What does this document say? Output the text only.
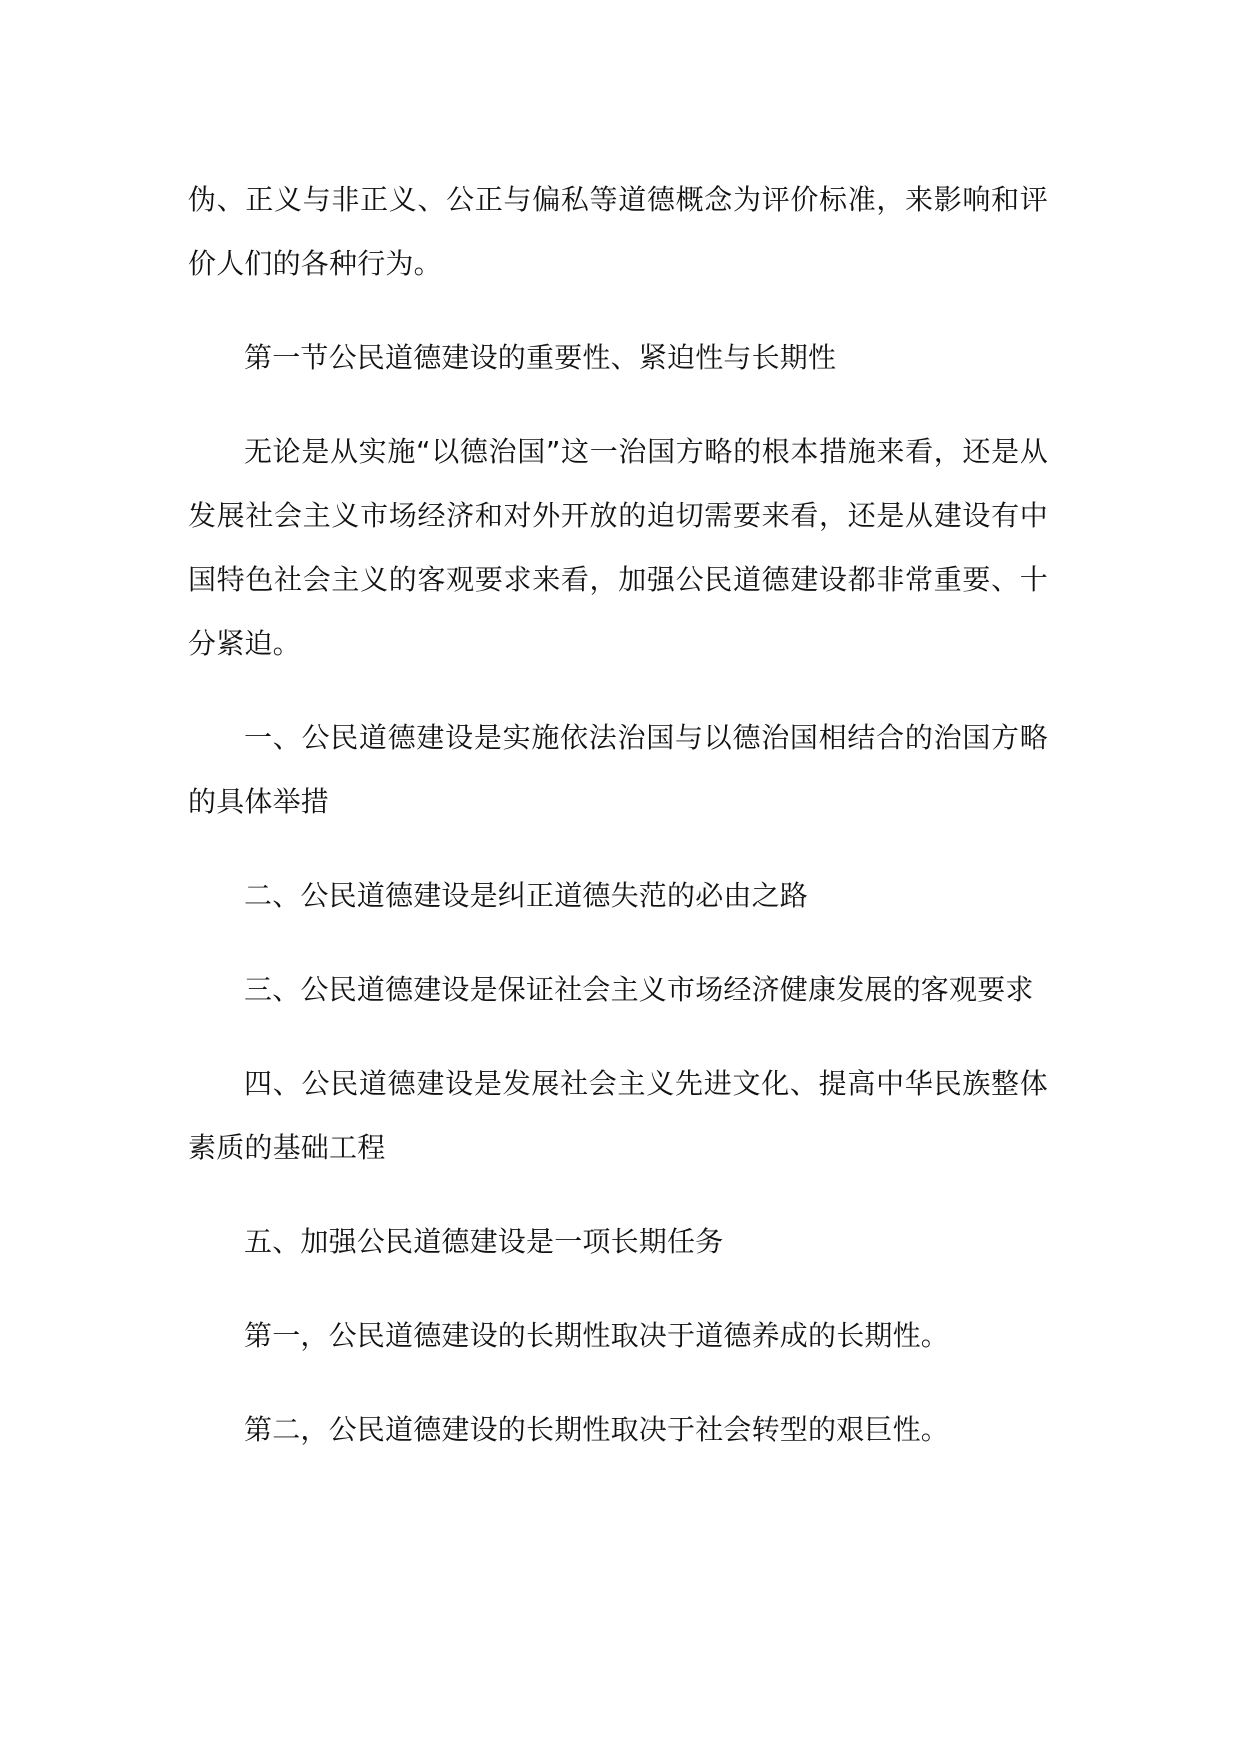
伪、正义与非正义、公正与偏私等道德概念为评价标准，来影响和评价人们的各种行为。

第一节公民道德建设的重要性、紧迫性与长期性

无论是从实施“以德治国”这一治国方略的根本措施来看，还是从发展社会主义市场经济和对外开放的迫切需要来看，还是从建设有中国特色社会主义的客观要求来看，加强公民道德建设都非常重要、十分紧迫。

一、公民道德建设是实施依法治国与以德治国相结合的治国方略的具体举措

二、公民道德建设是纠正道德失范的必由之路

三、公民道德建设是保证社会主义市场经济健康发展的客观要求

四、公民道德建设是发展社会主义先进文化、提高中华民族整体素质的基础工程

五、加强公民道德建设是一项长期任务

第一，公民道德建设的长期性取决于道德养成的长期性。

第二，公民道德建设的长期性取决于社会转型的艰巨性。
